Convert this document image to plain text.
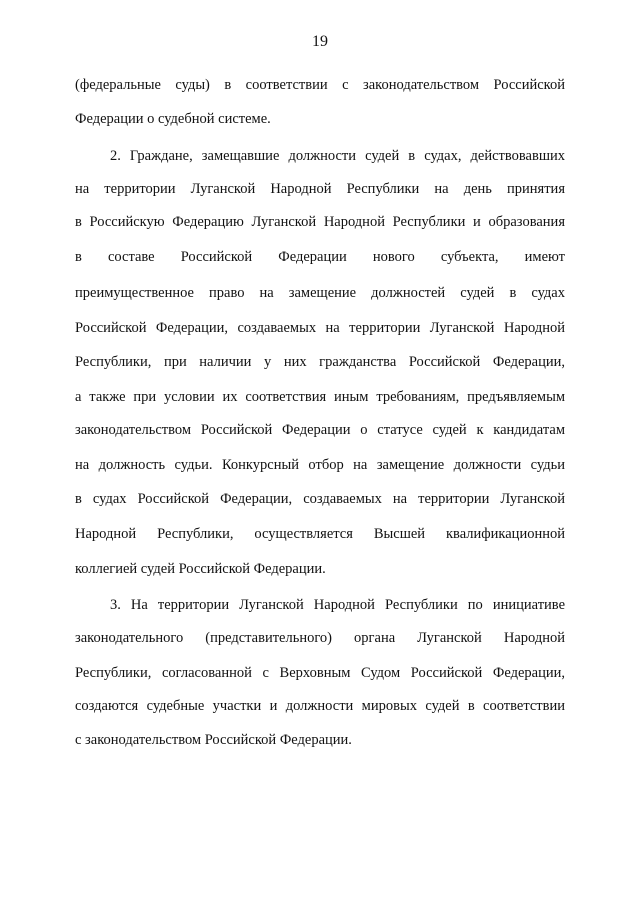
19
(федеральные суды) в соответствии с законодательством Российской
Федерации о судебной системе.
2. Граждане, замещавшие должности судей в судах, действовавших
на территории Луганской Народной Республики на день принятия
в Российскую Федерацию Луганской Народной Республики и образования
в составе Российской Федерации нового субъекта, имеют
преимущественное право на замещение должностей судей в судах
Российской Федерации, создаваемых на территории Луганской Народной
Республики, при наличии у них гражданства Российской Федерации,
а также при условии их соответствия иным требованиям, предъявляемым
законодательством Российской Федерации о статусе судей к кандидатам
на должность судьи. Конкурсный отбор на замещение должности судьи
в судах Российской Федерации, создаваемых на территории Луганской
Народной Республики, осуществляется Высшей квалификационной
коллегией судей Российской Федерации.
3. На территории Луганской Народной Республики по инициативе
законодательного (представительного) органа Луганской Народной
Республики, согласованной с Верховным Судом Российской Федерации,
создаются судебные участки и должности мировых судей в соответствии
с законодательством Российской Федерации.
